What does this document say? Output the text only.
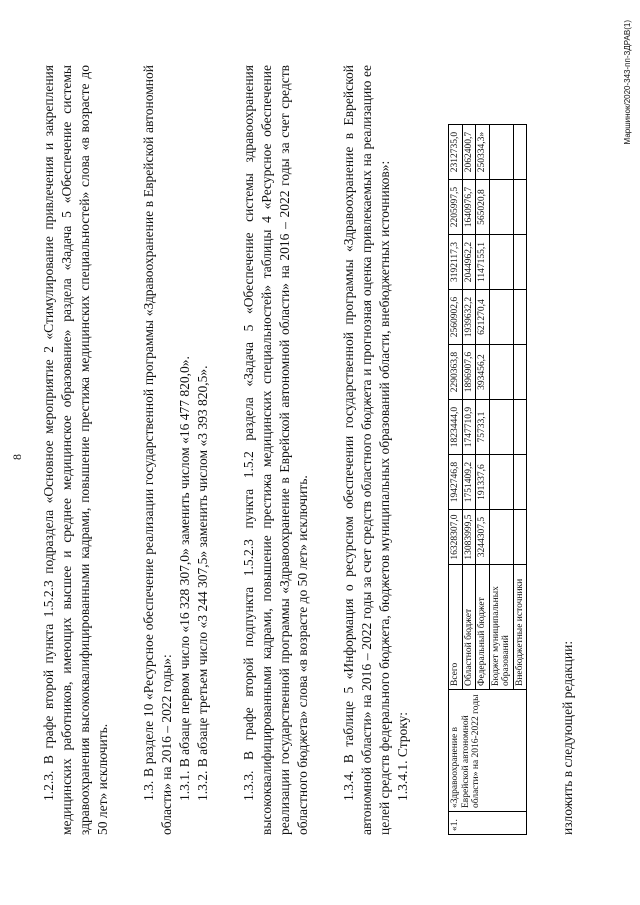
8 1.2.3. В графе второй пункта 1.5.2.3 подраздела «Основное мероприятие 2 «Стимулирование привлечения и закрепления медицинских работников, имеющих высшее и среднее медицинское образование» раздела «Задача 5 «Обеспечение системы здравоохранения высококвалифицированными кадрами, повышение престижа медицинских специальностей» слова «в возрасте до 50 лет» исключить. 1.3. В разделе 10 «Ресурсное обеспечение реализации государственной программы «Здравоохранение в Еврейской автономной области» на 2016 – 2022 годы»: 1.3.1. В абзаце первом число «16 328 307,0» заменить числом «16 477 820,0». 1.3.2. В абзаце третьем число «3 244 307,5» заменить числом «3 393 820,5». 1.3.3. В графе второй подпункта 1.5.2.3 пункта 1.5.2 раздела «Задача 5 «Обеспечение системы здравоохранения высококвалифицированными кадрами, повышение престижа медицинских специальностей» таблицы 4 «Ресурсное обеспечение реализации государственной программы «Здравоохранение в Еврейской автономной области» на 2016 – 2022 годы за счет средств областного бюджета» слова «в возрасте до 50 лет» исключить. 1.3.4. В таблице 5 «Информация о ресурсном обеспечении государственной программы «Здравоохранение в Еврейской автономной области» на 2016 – 2022 годы за счет средств областного бюджета и прогнозная оценка привлекаемых на реализацию ее целей средств федерального бюджета, бюджетов муниципальных образований области, внебюджетных источников»: 1.3.4.1. Строку:

«1.	«Здравоохранение в Еврейской автономной области» на 2016-2022 годы	Всего	16328307,0	1942746,8	1823444,0	2290363,8	2560902,6	3192117,3	2205997,5	2312735,0
		Областной бюджет	13083999,5	1751409,2	1747710,9	1896907,6	1939632,2	2044962,2	1640976,7	2062400,7
		Федеральный бюджет	3244307,5	191337,6	75733,1	393456,2	621270,4	1147155,1	565020,8	250334,3»
		Бюджет муниципальных образований								
		Внебюджетные источники								
изложить в следующей редакции:
Маршинок/2020-343-пп-ЗДРАВ(1)
